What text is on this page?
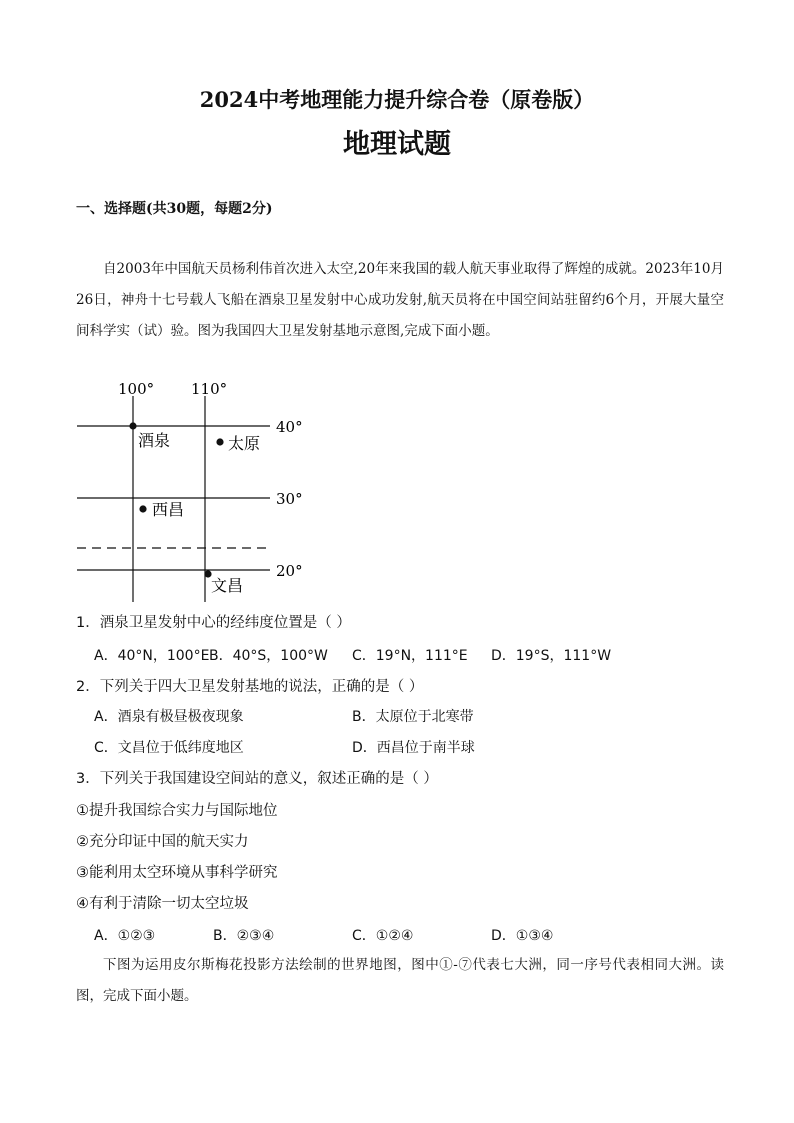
2024中考地理能力提升综合卷（原卷版）
地理试题
一、选择题(共30题，每题2分)
自2003年中国航天员杨利伟首次进入太空,20年来我国的载人航天事业取得了辉煌的成就。2023年10月26日，神舟十七号载人飞船在酒泉卫星发射中心成功发射,航天员将在中国空间站驻留约6个月，开展大量空间科学实（试）验。图为我国四大卫星发射基地示意图,完成下面小题。
100° 110°
40°
30°
20°
酒泉	太原
西昌
文昌
1．酒泉卫星发射中心的经纬度位置是（ ）
A．40°N，100°E B．40°S，100°W C．19°N，111°E D．19°S，111°W
2．下列关于四大卫星发射基地的说法，正确的是（ ）
A．酒泉有极昼极夜现象	B．太原位于北寒带
C．文昌位于低纬度地区	D．西昌位于南半球
3．下列关于我国建设空间站的意义，叙述正确的是（ ）
①提升我国综合实力与国际地位
②充分印证中国的航天实力
③能利用太空环境从事科学研究
④有利于清除一切太空垃圾
A．①②③	B．②③④	C．①②④	D．①③④
下图为运用皮尔斯梅花投影方法绘制的世界地图，图中①-⑦代表七大洲，同一序号代表相同大洲。读图，完成下面小题。
